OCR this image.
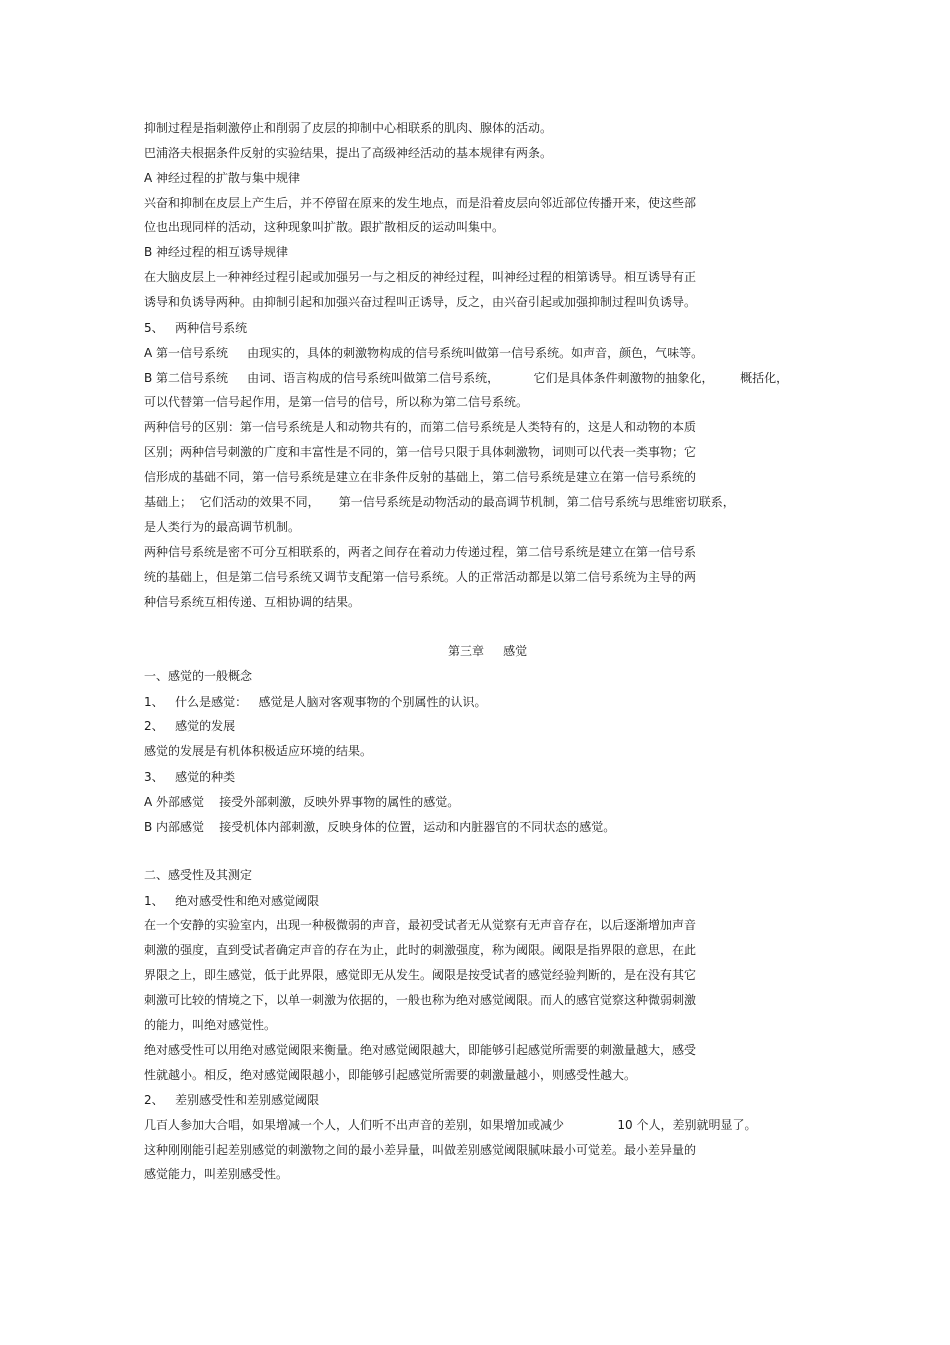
抑制过程是指刺激停止和削弱了皮层的抑制中心相联系的肌肉、腺体的活动。

巴浦洛夫根据条件反射的实验结果，提出了高级神经活动的基本规律有两条。

A 神经过程的扩散与集中规律

兴奋和抑制在皮层上产生后，并不停留在原来的发生地点，而是沿着皮层向邻近部位传播开来，使这些部

位也出现同样的活动，这种现象叫扩散。跟扩散相反的运动叫集中。

B 神经过程的相互诱导规律

在大脑皮层上一种神经过程引起或加强另一与之相反的神经过程，叫神经过程的相第诱导。相互诱导有正

诱导和负诱导两种。由抑制引起和加强兴奋过程叫正诱导，反之，由兴奋引起或加强抑制过程叫负诱导。

5、   两种信号系统

A 第一信号系统     由现实的，具体的刺激物构成的信号系统叫做第一信号系统。如声音，颜色，气味等。

B 第二信号系统     由词、语言构成的信号系统叫做第二信号系统，         它们是具体条件刺激物的抽象化，       概括化，

可以代替第一信号起作用，是第一信号的信号，所以称为第二信号系统。

两种信号的区别：第一信号系统是人和动物共有的，而第二信号系统是人类特有的，这是人和动物的本质

区别；两种信号刺激的广度和丰富性是不同的，第一信号只限于具体刺激物，词则可以代表一类事物；它

信形成的基础不同，第一信号系统是建立在非条件反射的基础上，第二信号系统是建立在第一信号系统的

基础上；  它们活动的效果不同，     第一信号系统是动物活动的最高调节机制，第二信号系统与思维密切联系，

是人类行为的最高调节机制。

两种信号系统是密不可分互相联系的，两者之间存在着动力传递过程，第二信号系统是建立在第一信号系

统的基础上，但是第二信号系统又调节支配第一信号系统。人的正常活动都是以第二信号系统为主导的两

种信号系统互相传递、互相协调的结果。

第三章     感觉

一、感觉的一般概念

1、   什么是感觉：   感觉是人脑对客观事物的个别属性的认识。

2、   感觉的发展

感觉的发展是有机体积极适应环境的结果。

3、   感觉的种类

A 外部感觉    接受外部刺激，反映外界事物的属性的感觉。

B 内部感觉    接受机体内部刺激，反映身体的位置，运动和内脏器官的不同状态的感觉。

二、感受性及其测定

1、   绝对感受性和绝对感觉阈限

在一个安静的实验室内，出现一种极微弱的声音，最初受试者无从觉察有无声音存在，以后逐渐增加声音

刺激的强度，直到受试者确定声音的存在为止，此时的刺激强度，称为阈限。阈限是指界限的意思，在此

界限之上，即生感觉，低于此界限，感觉即无从发生。阈限是按受试者的感觉经验判断的，是在没有其它

刺激可比较的情境之下，以单一刺激为依据的，一般也称为绝对感觉阈限。而人的感官觉察这种微弱刺激

的能力，叫绝对感觉性。

绝对感受性可以用绝对感觉阈限来衡量。绝对感觉阈限越大，即能够引起感觉所需要的刺激量越大，感受

性就越小。相反，绝对感觉阈限越小，即能够引起感觉所需要的刺激量越小，则感受性越大。

2、   差别感受性和差别感觉阈限

几百人参加大合唱，如果增减一个人，人们听不出声音的差别，如果增加或减少              10 个人，差别就明显了。

这种刚刚能引起差别感觉的刺激物之间的最小差异量，叫做差别感觉阈限腻味最小可觉差。最小差异量的

感觉能力，叫差别感受性。
